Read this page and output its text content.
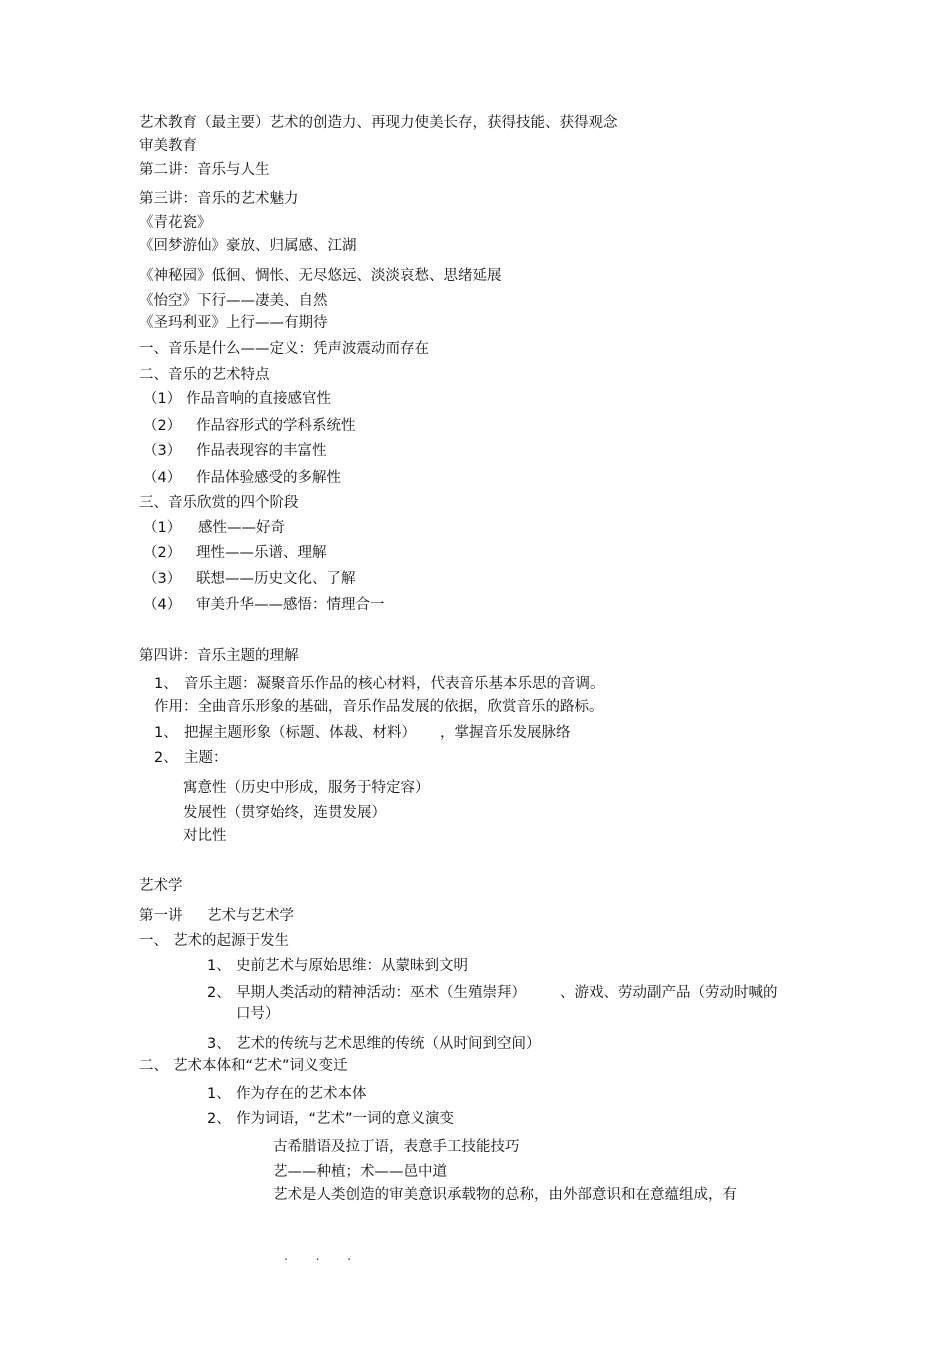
艺术教育（最主要）艺术的创造力、再现力使美长存，获得技能、获得观念
审美教育
第二讲：音乐与人生
第三讲：音乐的艺术魅力
《青花瓷》
《回梦游仙》豪放、归属感、江湖
《神秘园》低徊、惆怅、无尽悠远、淡淡哀愁、思绪延展
《怡空》下行——凄美、自然
《圣玛利亚》上行——有期待
一、音乐是什么——定义：凭声波震动而存在
二、音乐的艺术特点
（1） 作品音响的直接感官性
（2） 作品容形式的学科系统性
（3） 作品表现容的丰富性
（4） 作品体验感受的多解性
三、音乐欣赏的四个阶段
（1） 感性——好奇
（2） 理性——乐谱、理解
（3） 联想——历史文化、了解
（4） 审美升华——感悟：情理合一
第四讲：音乐主题的理解
1、 音乐主题：凝聚音乐作品的核心材料，代表音乐基本乐思的音调。
作用：全曲音乐形象的基础，音乐作品发展的依据，欣赏音乐的路标。
1、 把握主题形象（标题、体裁、材料） ，掌握音乐发展脉络
2、 主题：
寓意性（历史中形成，服务于特定容）
发展性（贯穿始终，连贯发展）
对比性
艺术学
第一讲 艺术与艺术学
一、 艺术的起源于发生
1、 史前艺术与原始思维：从蒙昧到文明
2、 早期人类活动的精神活动：巫术（生殖崇拜） 、游戏、劳动副产品（劳动时喊的
口号）
3、 艺术的传统与艺术思维的传统（从时间到空间）
二、 艺术本体和“艺术”词义变迁
1、 作为存在的艺术本体
2、 作为词语，“艺术”一词的意义演变
古希腊语及拉丁语，表意手工技能技巧
艺——种植；术——邑中道
艺术是人类创造的审美意识承载物的总称，由外部意识和在意蕴组成，有
. . .
